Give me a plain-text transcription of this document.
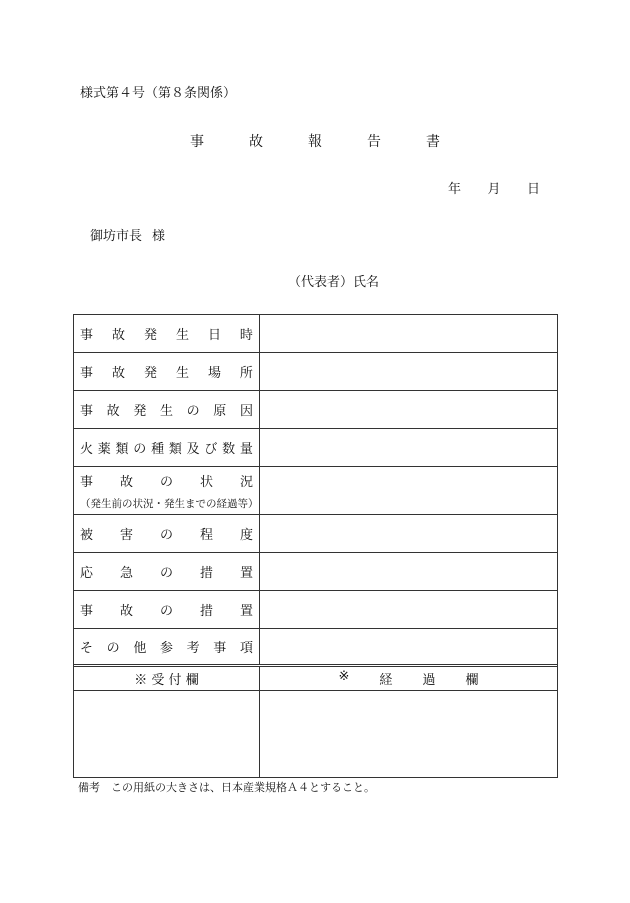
様式第４号（第８条関係）
事	故	報	告	書
年 月 日
御坊市長 様
（代表者）氏名
事 故 発 生 日 時
事 故 発 生 場 所
事 故 発 生 の 原 因
火 薬 類 の 種 類 及 び 数 量
事 故 の 状 況
（発生前の状況・発生までの経過等）
被 害 の 程 度
応 急 の 措 置
事 故 の 措 置
そ の 他 参 考 事 項
※ 受 付 欄	※ 経 過 欄
備考　この用紙の大きさは、日本産業規格Ａ４とすること。
